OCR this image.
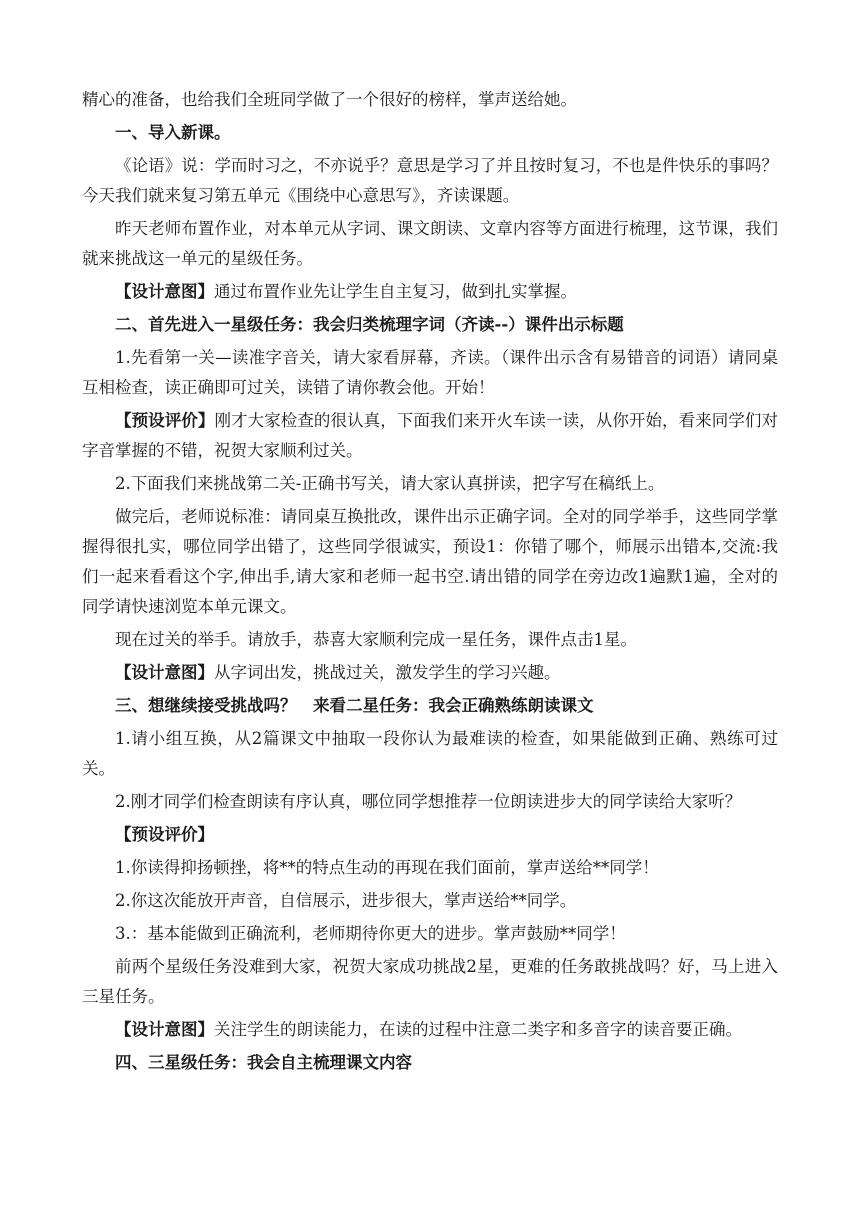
精心的准备，也给我们全班同学做了一个很好的榜样，掌声送给她。

一、导入新课。

《论语》说：学而时习之，不亦说乎？意思是学习了并且按时复习，不也是件快乐的事吗？今天我们就来复习第五单元《围绕中心意思写》，齐读课题。

昨天老师布置作业，对本单元从字词、课文朗读、文章内容等方面进行梳理，这节课，我们就来挑战这一单元的星级任务。

【设计意图】通过布置作业先让学生自主复习，做到扎实掌握。

二、首先进入一星级任务：我会归类梳理字词（齐读--）课件出示标题

1.先看第一关—读准字音关，请大家看屏幕，齐读。（课件出示含有易错音的词语）请同桌互相检查，读正确即可过关，读错了请你教会他。开始！

【预设评价】刚才大家检查的很认真，下面我们来开火车读一读，从你开始，看来同学们对字音掌握的不错，祝贺大家顺利过关。

2.下面我们来挑战第二关-正确书写关，请大家认真拼读，把字写在稿纸上。

做完后，老师说标准：请同桌互换批改，课件出示正确字词。全对的同学举手，这些同学掌握得很扎实，哪位同学出错了，这些同学很诚实，预设1：你错了哪个，师展示出错本,交流:我们一起来看看这个字,伸出手,请大家和老师一起书空.请出错的同学在旁边改1遍默1遍，全对的同学请快速浏览本单元课文。

现在过关的举手。请放手，恭喜大家顺利完成一星任务，课件点击1星。

【设计意图】从字词出发，挑战过关，激发学生的学习兴趣。

三、想继续接受挑战吗？　来看二星任务：我会正确熟练朗读课文

1.请小组互换，从2篇课文中抽取一段你认为最难读的检查，如果能做到正确、熟练可过关。

2.刚才同学们检查朗读有序认真，哪位同学想推荐一位朗读进步大的同学读给大家听？

【预设评价】

1.你读得抑扬顿挫，将**的特点生动的再现在我们面前，掌声送给**同学！

2.你这次能放开声音，自信展示，进步很大，掌声送给**同学。

3.：基本能做到正确流利，老师期待你更大的进步。掌声鼓励**同学！

前两个星级任务没难到大家，祝贺大家成功挑战2星，更难的任务敢挑战吗？好，马上进入三星任务。

【设计意图】关注学生的朗读能力，在读的过程中注意二类字和多音字的读音要正确。

四、三星级任务：我会自主梳理课文内容
